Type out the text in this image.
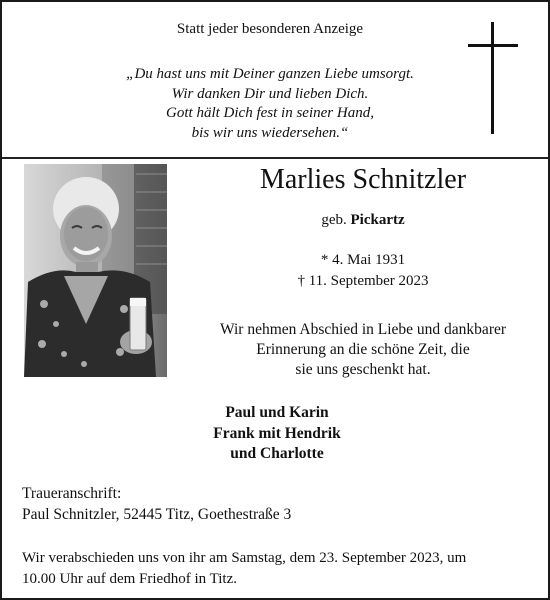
Statt jeder besonderen Anzeige
„Du hast uns mit Deiner ganzen Liebe umsorgt.
Wir danken Dir und lieben Dich.
Gott hält Dich fest in seiner Hand,
bis wir uns wiedersehen.“
Marlies Schnitzler
geb. Pickartz
* 4. Mai 1931
† 11. September 2023
Wir nehmen Abschied in Liebe und dankbarer
Erinnerung an die schöne Zeit, die
sie uns geschenkt hat.
Paul und Karin
Frank mit Hendrik
und Charlotte
Traueranschrift:
Paul Schnitzler, 52445 Titz, Goethestraße 3
Wir verabschieden uns von ihr am Samstag, dem 23. September 2023, um
10.00 Uhr auf dem Friedhof in Titz.
